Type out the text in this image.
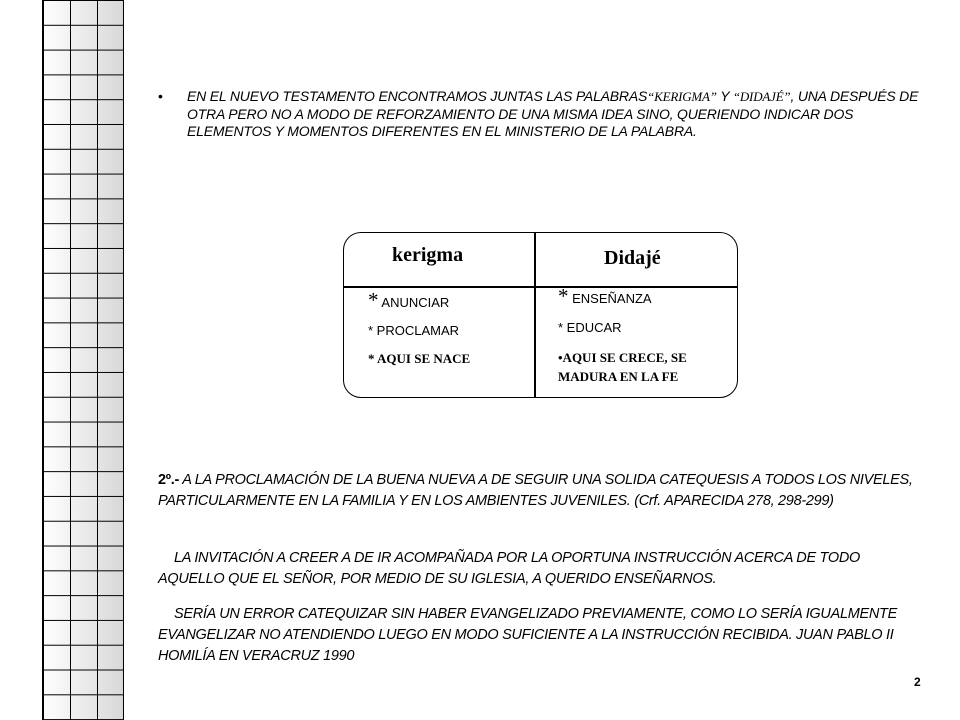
• EN EL NUEVO TESTAMENTO ENCONTRAMOS JUNTAS LAS PALABRAS“KERIGMA” Y “DIDAJÉ”, UNA DESPUÉS DE OTRA PERO NO A MODO DE REFORZAMIENTO DE UNA MISMA IDEA SINO, QUERIENDO INDICAR DOS ELEMENTOS Y MOMENTOS DIFERENTES EN EL MINISTERIO DE LA PALABRA.
kerigma	Didajé
* ANUNCIAR
* PROCLAMAR
* AQUI SE NACE
* ENSEÑANZA
* EDUCAR
•AQUI SE CRECE, SE MADURA EN LA FE
2º.- A LA PROCLAMACIÓN DE LA BUENA NUEVA A DE SEGUIR UNA SOLIDA CATEQUESIS A TODOS LOS NIVELES, PARTICULARMENTE EN LA FAMILIA Y EN LOS AMBIENTES JUVENILES. (Crf. APARECIDA 278, 298-299)
LA INVITACIÓN A CREER A DE IR ACOMPAÑADA POR LA OPORTUNA INSTRUCCIÓN ACERCA DE TODO AQUELLO QUE EL SEÑOR, POR MEDIO DE SU IGLESIA, A QUERIDO ENSEÑARNOS.
SERÍA UN ERROR CATEQUIZAR SIN HABER EVANGELIZADO PREVIAMENTE, COMO LO SERÍA IGUALMENTE EVANGELIZAR NO ATENDIENDO LUEGO EN MODO SUFICIENTE A LA INSTRUCCIÓN RECIBIDA. JUAN PABLO II HOMILÍA EN VERACRUZ 1990
2
